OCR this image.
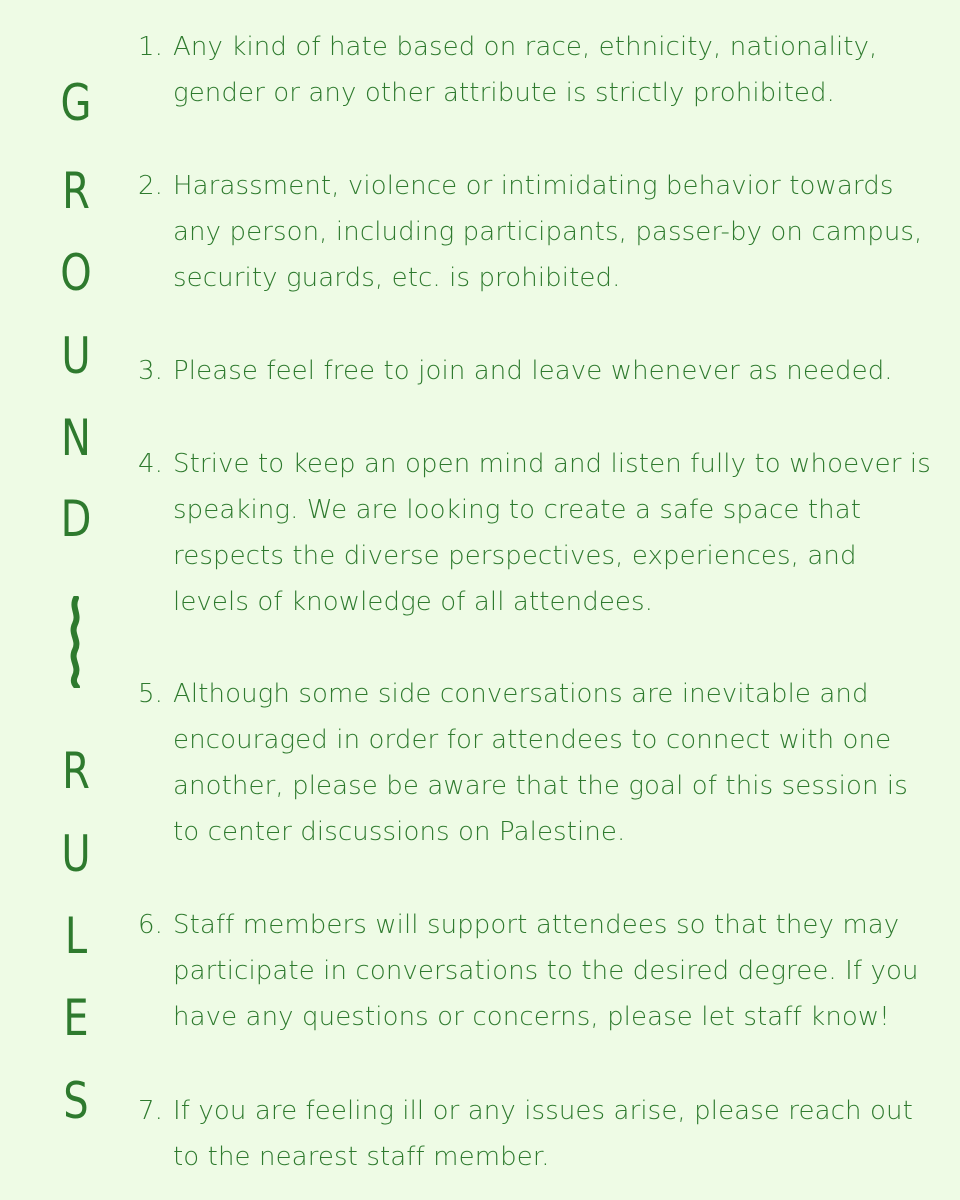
G
R
O
U
N
D
R
U
L
E
S
1. Any kind of hate based on race, ethnicity, nationality,
gender or any other attribute is strictly prohibited.
2. Harassment, violence or intimidating behavior towards
any person, including participants, passer-by on campus,
security guards, etc. is prohibited.
3. Please feel free to join and leave whenever as needed.
4. Strive to keep an open mind and listen fully to whoever is
speaking. We are looking to create a safe space that
respects the diverse perspectives, experiences, and
levels of knowledge of all attendees.
5. Although some side conversations are inevitable and
encouraged in order for attendees to connect with one
another, please be aware that the goal of this session is
to center discussions on Palestine.
6. Staff members will support attendees so that they may
participate in conversations to the desired degree. If you
have any questions or concerns, please let staff know!
7. If you are feeling ill or any issues arise, please reach out
to the nearest staff member.
